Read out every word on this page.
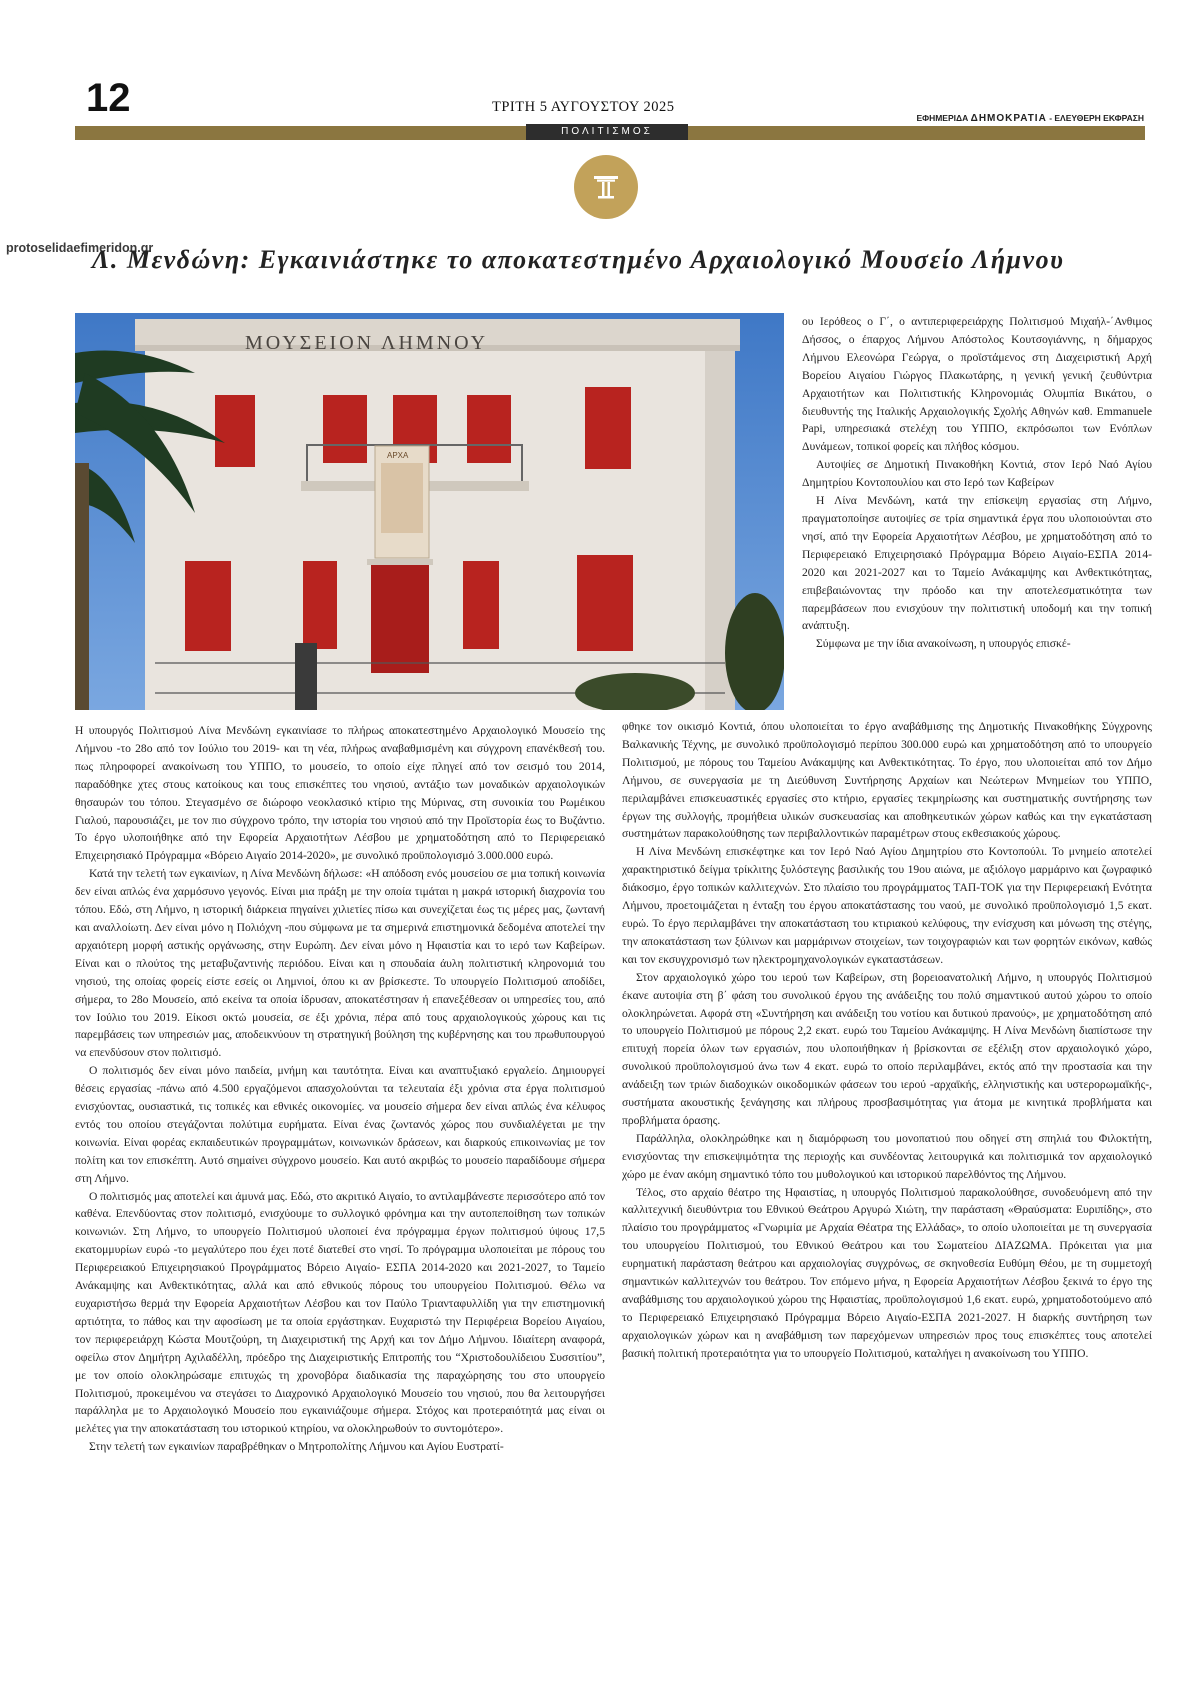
12	ΤΡΙΤΗ 5 ΑΥΓΟΥΣΤΟΥ 2025
ΕΦΗΜΕΡΙΔΑ ΔΗΜΟΚΡΑΤΙΑ - ΕΛΕΥΘΕΡΗ ΕΚΦΡΑΣΗ
ΠΟΛΙΤΙΣΜΟΣ
protoselidaefimeridon.gr
Λ. Μενδώνη: Εγκαινιάστηκε το αποκατεστημένο Αρχαιολογικό Μουσείο Λήμνου
ΜΟΥΣΕΙΟΝ ΛΗΜΝΟΥ
ΑΡΧΑ

Η υπουργός Πολιτισμού Λίνα Μενδώνη εγκαινίασε το πλήρως αποκατεστημένο Αρχαιολογικό Μουσείο της Λήμνου -το 28ο από τον Ιούλιο του 2019- και τη νέα, πλήρως αναβαθμισμένη και σύγχρονη επανέκθεσή του. πως πληροφορεί ανακοίνωση του ΥΠΠΟ, το μουσείο, το οποίο είχε πληγεί από τον σεισμό του 2014, παραδόθηκε χτες στους κατοίκους και τους επισκέπτες του νησιού, αντάξιο των μοναδικών αρχαιολογικών θησαυρών του τόπου. Στεγασμένο σε διώροφο νεοκλασικό κτίριο της Μύρινας, στη συνοικία του Ρωμέικου Γιαλού, παρουσιάζει, με τον πιο σύγχρονο τρόπο, την ιστορία του νησιού από την Προϊστορία έως το Βυζάντιο. Το έργο υλοποιήθηκε από την Εφορεία Αρχαιοτήτων Λέσβου με χρηματοδότηση από το Περιφερειακό Επιχειρησιακό Πρόγραμμα «Βόρειο Αιγαίο 2014-2020», με συνολικό προϋπολογισμό 3.000.000 ευρώ.

Κατά την τελετή των εγκαινίων, η Λίνα Μενδώνη δήλωσε: «Η απόδοση ενός μουσείου σε μια τοπική κοινωνία δεν είναι απλώς ένα χαρμόσυνο γεγονός. Είναι μια πράξη με την οποία τιμάται η μακρά ιστορική διαχρονία του τόπου. Εδώ, στη Λήμνο, η ιστορική διάρκεια πηγαίνει χιλιετίες πίσω και συνεχίζεται έως τις μέρες μας, ζωντανή και αναλλοίωτη. Δεν είναι μόνο η Πολιόχνη -που σύμφωνα με τα σημερινά επιστημονικά δεδομένα αποτελεί την αρχαιότερη μορφή αστικής οργάνωσης, στην Ευρώπη. Δεν είναι μόνο η Ηφαιστία και το ιερό των Καβείρων. Είναι και ο πλούτος της μεταβυζαντινής περιόδου. Είναι και η σπουδαία άυλη πολιτιστική κληρονομιά του νησιού, της οποίας φορείς είστε εσείς οι Λημνιοί, όπου κι αν βρίσκεστε. Το υπουργείο Πολιτισμού αποδίδει, σήμερα, το 28ο Μουσείο, από εκείνα τα οποία ίδρυσαν, αποκατέστησαν ή επανεξέθεσαν οι υπηρεσίες του, από τον Ιούλιο του 2019. Είκοσι οκτώ μουσεία, σε έξι χρόνια, πέρα από τους αρχαιολογικούς χώρους και τις παρεμβάσεις των υπηρεσιών μας, αποδεικνύουν τη στρατηγική βούληση της κυβέρνησης και του πρωθυπουργού να επενδύσουν στον πολιτισμό.

Ο πολιτισμός δεν είναι μόνο παιδεία, μνήμη και ταυτότητα. Είναι και αναπτυξιακό εργαλείο. Δημιουργεί θέσεις εργασίας -πάνω από 4.500 εργαζόμενοι απασχολούνται τα τελευταία έξι χρόνια στα έργα πολιτισμού ενισχύοντας, ουσιαστικά, τις τοπικές και εθνικές οικονομίες. να μουσείο σήμερα δεν είναι απλώς ένα κέλυφος εντός του οποίου στεγάζονται πολύτιμα ευρήματα. Είναι ένας ζωντανός χώρος που συνδιαλέγεται με την κοινωνία. Είναι φορέας εκπαιδευτικών προγραμμάτων, κοινωνικών δράσεων, και διαρκούς επικοινωνίας με τον πολίτη και τον επισκέπτη. Αυτό σημαίνει σύγχρονο μουσείο. Και αυτό ακριβώς το μουσείο παραδίδουμε σήμερα στη Λήμνο.

Ο πολιτισμός μας αποτελεί και άμυνά μας. Εδώ, στο ακριτικό Αιγαίο, το αντιλαμβάνεστε περισσότερο από τον καθένα. Επενδύοντας στον πολιτισμό, ενισχύουμε το συλλογικό φρόνημα και την αυτοπεποίθηση των τοπικών κοινωνιών. Στη Λήμνο, το υπουργείο Πολιτισμού υλοποιεί ένα πρόγραμμα έργων πολιτισμού ύψους 17,5 εκατομμυρίων ευρώ -το μεγαλύτερο που έχει ποτέ διατεθεί στο νησί. Το πρόγραμμα υλοποιείται με πόρους του Περιφερειακού Επιχειρησιακού Προγράμματος Βόρειο Αιγαίο- ΕΣΠΑ 2014-2020 και 2021-2027, το Ταμείο Ανάκαμψης και Ανθεκτικότητας, αλλά και από εθνικούς πόρους του υπουργείου Πολιτισμού. Θέλω να ευχαριστήσω θερμά την Εφορεία Αρχαιοτήτων Λέσβου και τον Παύλο Τριανταφυλλίδη για την επιστημονική αρτιότητα, το πάθος και την αφοσίωση με τα οποία εργάστηκαν. Ευχαριστώ την Περιφέρεια Βορείου Αιγαίου, τον περιφερειάρχη Κώστα Μουτζούρη, τη Διαχειριστική της Αρχή και τον Δήμο Λήμνου. Ιδιαίτερη αναφορά, οφείλω στον Δημήτρη Αχιλαδέλλη, πρόεδρο της Διαχειριστικής Επιτροπής του “Χριστοδουλίδειου Συσσιτίου”, με τον οποίο ολοκληρώσαμε επιτυχώς τη χρονοβόρα διαδικασία της παραχώρησης του στο υπουργείο Πολιτισμού, προκειμένου να στεγάσει το Διαχρονικό Αρχαιολογικό Μουσείο του νησιού, που θα λειτουργήσει παράλληλα με το Αρχαιολογικό Μουσείο που εγκαινιάζουμε σήμερα. Στόχος και προτεραιότητά μας είναι οι μελέτες για την αποκατάσταση του ιστορικού κτηρίου, να ολοκληρωθούν το συντομότερο».

Στην τελετή των εγκαινίων παραβρέθηκαν ο Μητροπολίτης Λήμνου και Αγίου Ευστρατί-

ου Ιερόθεος ο Γ΄, ο αντιπεριφερειάρχης Πολιτισμού Μιχαήλ-΄Ανθιμος Δήσσος, ο έπαρχος Λήμνου Απόστολος Κουτσογιάννης, η δήμαρχος Λήμνου Ελεονώρα Γεώργα, ο προϊστάμενος στη Διαχειριστική Αρχή Βορείου Αιγαίου Γιώργος Πλακωτάρης, η γενική γενική ζευθύντρια Αρχαιοτήτων και Πολιτιστικής Κληρονομιάς Ολυμπία Βικάτου, ο διευθυντής της Ιταλικής Αρχαιολογικής Σχολής Αθηνών καθ. Emmanuele Papi, υπηρεσιακά στελέχη του ΥΠΠΟ, εκπρόσωποι των Ενόπλων Δυνάμεων, τοπικοί φορείς και πλήθος κόσμου.

Αυτοψίες σε Δημοτική Πινακοθήκη Κοντιά, στον Ιερό Ναό Αγίου Δημητρίου Κοντοπουλίου και στο Ιερό των Καβείρων

Η Λίνα Μενδώνη, κατά την επίσκεψη εργασίας στη Λήμνο, πραγματοποίησε αυτοψίες σε τρία σημαντικά έργα που υλοποιούνται στο νησί, από την Εφορεία Αρχαιοτήτων Λέσβου, με χρηματοδότηση από το Περιφερειακό Επιχειρησιακό Πρόγραμμα Βόρειο Αιγαίο-ΕΣΠΑ 2014-2020 και 2021-2027 και το Ταμείο Ανάκαμψης και Ανθεκτικότητας, επιβεβαιώνοντας την πρόοδο και την αποτελεσματικότητα των παρεμβάσεων που ενισχύουν την πολιτιστική υποδομή και την τοπική ανάπτυξη.

Σύμφωνα με την ίδια ανακοίνωση, η υπουργός επισκέ-

φθηκε τον οικισμό Κοντιά, όπου υλοποιείται το έργο αναβάθμισης της Δημοτικής Πινακοθήκης Σύγχρονης Βαλκανικής Τέχνης, με συνολικό προϋπολογισμό περίπου 300.000 ευρώ και χρηματοδότηση από το υπουργείο Πολιτισμού, με πόρους του Ταμείου Ανάκαμψης και Ανθεκτικότητας. Το έργο, που υλοποιείται από τον Δήμο Λήμνου, σε συνεργασία με τη Διεύθυνση Συντήρησης Αρχαίων και Νεώτερων Μνημείων του ΥΠΠΟ, περιλαμβάνει επισκευαστικές εργασίες στο κτήριο, εργασίες τεκμηρίωσης και συστηματικής συντήρησης των έργων της συλλογής, προμήθεια υλικών συσκευασίας και αποθηκευτικών χώρων καθώς και την εγκατάσταση συστημάτων παρακολούθησης των περιβαλλοντικών παραμέτρων στους εκθεσιακούς χώρους.

Η Λίνα Μενδώνη επισκέφτηκε και τον Ιερό Ναό Αγίου Δημητρίου στο Κοντοπούλι. Το μνημείο αποτελεί χαρακτηριστικό δείγμα τρίκλιτης ξυλόστεγης βασιλικής του 19ου αιώνα, με αξιόλογο μαρμάρινο και ζωγραφικό διάκοσμο, έργο τοπικών καλλιτεχνών. Στο πλαίσιο του προγράμματος ΤΑΠ-ΤΟΚ για την Περιφερειακή Ενότητα Λήμνου, προετοιμάζεται η ένταξη του έργου αποκατάστασης του ναού, με συνολικό προϋπολογισμό 1,5 εκατ. ευρώ. Το έργο περιλαμβάνει την αποκατάσταση του κτιριακού κελύφους, την ενίσχυση και μόνωση της στέγης, την αποκατάσταση των ξύλινων και μαρμάρινων στοιχείων, των τοιχογραφιών και των φορητών εικόνων, καθώς και τον εκσυγχρονισμό των ηλεκτρομηχανολογικών εγκαταστάσεων.

Στον αρχαιολογικό χώρο του ιερού των Καβείρων, στη βορειοανατολική Λήμνο, η υπουργός Πολιτισμού έκανε αυτοψία στη β΄ φάση του συνολικού έργου της ανάδειξης του πολύ σημαντικού αυτού χώρου το οποίο ολοκληρώνεται. Αφορά στη «Συντήρηση και ανάδειξη του νοτίου και δυτικού πρανούς», με χρηματοδότηση από το υπουργείο Πολιτισμού με πόρους 2,2 εκατ. ευρώ του Ταμείου Ανάκαμψης. Η Λίνα Μενδώνη διαπίστωσε την επιτυχή πορεία όλων των εργασιών, που υλοποιήθηκαν ή βρίσκονται σε εξέλιξη στον αρχαιολογικό χώρο, συνολικού προϋπολογισμού άνω των 4 εκατ. ευρώ το οποίο περιλαμβάνει, εκτός από την προστασία και την ανάδειξη των τριών διαδοχικών οικοδομικών φάσεων του ιερού -αρχαϊκής, ελληνιστικής και υστερορωμαϊκής-, συστήματα ακουστικής ξενάγησης και πλήρους προσβασιμότητας για άτομα με κινητικά προβλήματα και προβλήματα όρασης.

Παράλληλα, ολοκληρώθηκε και η διαμόρφωση του μονοπατιού που οδηγεί στη σπηλιά του Φιλοκτήτη, ενισχύοντας την επισκεψιμότητα της περιοχής και συνδέοντας λειτουργικά και πολιτισμικά τον αρχαιολογικό χώρο με έναν ακόμη σημαντικό τόπο του μυθολογικού και ιστορικού παρελθόντος της Λήμνου.

Τέλος, στο αρχαίο θέατρο της Ηφαιστίας, η υπουργός Πολιτισμού παρακολούθησε, συνοδευόμενη από την καλλιτεχνική διευθύντρια του Εθνικού Θεάτρου Αργυρώ Χιώτη, την παράσταση «Θραύσματα: Ευριπίδης», στο πλαίσιο του προγράμματος «Γνωριμία με Αρχαία Θέατρα της Ελλάδας», το οποίο υλοποιείται με τη συνεργασία του υπουργείου Πολιτισμού, του Εθνικού Θεάτρου και του Σωματείου ΔΙΑΖΩΜΑ. Πρόκειται για μια ευρηματική παράσταση θεάτρου και αρχαιολογίας συγχρόνως, σε σκηνοθεσία Ευθύμη Θέου, με τη συμμετοχή σημαντικών καλλιτεχνών του θεάτρου. Τον επόμενο μήνα, η Εφορεία Αρχαιοτήτων Λέσβου ξεκινά το έργο της αναβάθμισης του αρχαιολογικού χώρου της Ηφαιστίας, προϋπολογισμού 1,6 εκατ. ευρώ, χρηματοδοτούμενο από το Περιφερειακό Επιχειρησιακό Πρόγραμμα Βόρειο Αιγαίο-ΕΣΠΑ 2021-2027. Η διαρκής συντήρηση των αρχαιολογικών χώρων και η αναβάθμιση των παρεχόμενων υπηρεσιών προς τους επισκέπτες τους αποτελεί βασική πολιτική προτεραιότητα για το υπουργείο Πολιτισμού, καταλήγει η ανακοίνωση του ΥΠΠΟ.
